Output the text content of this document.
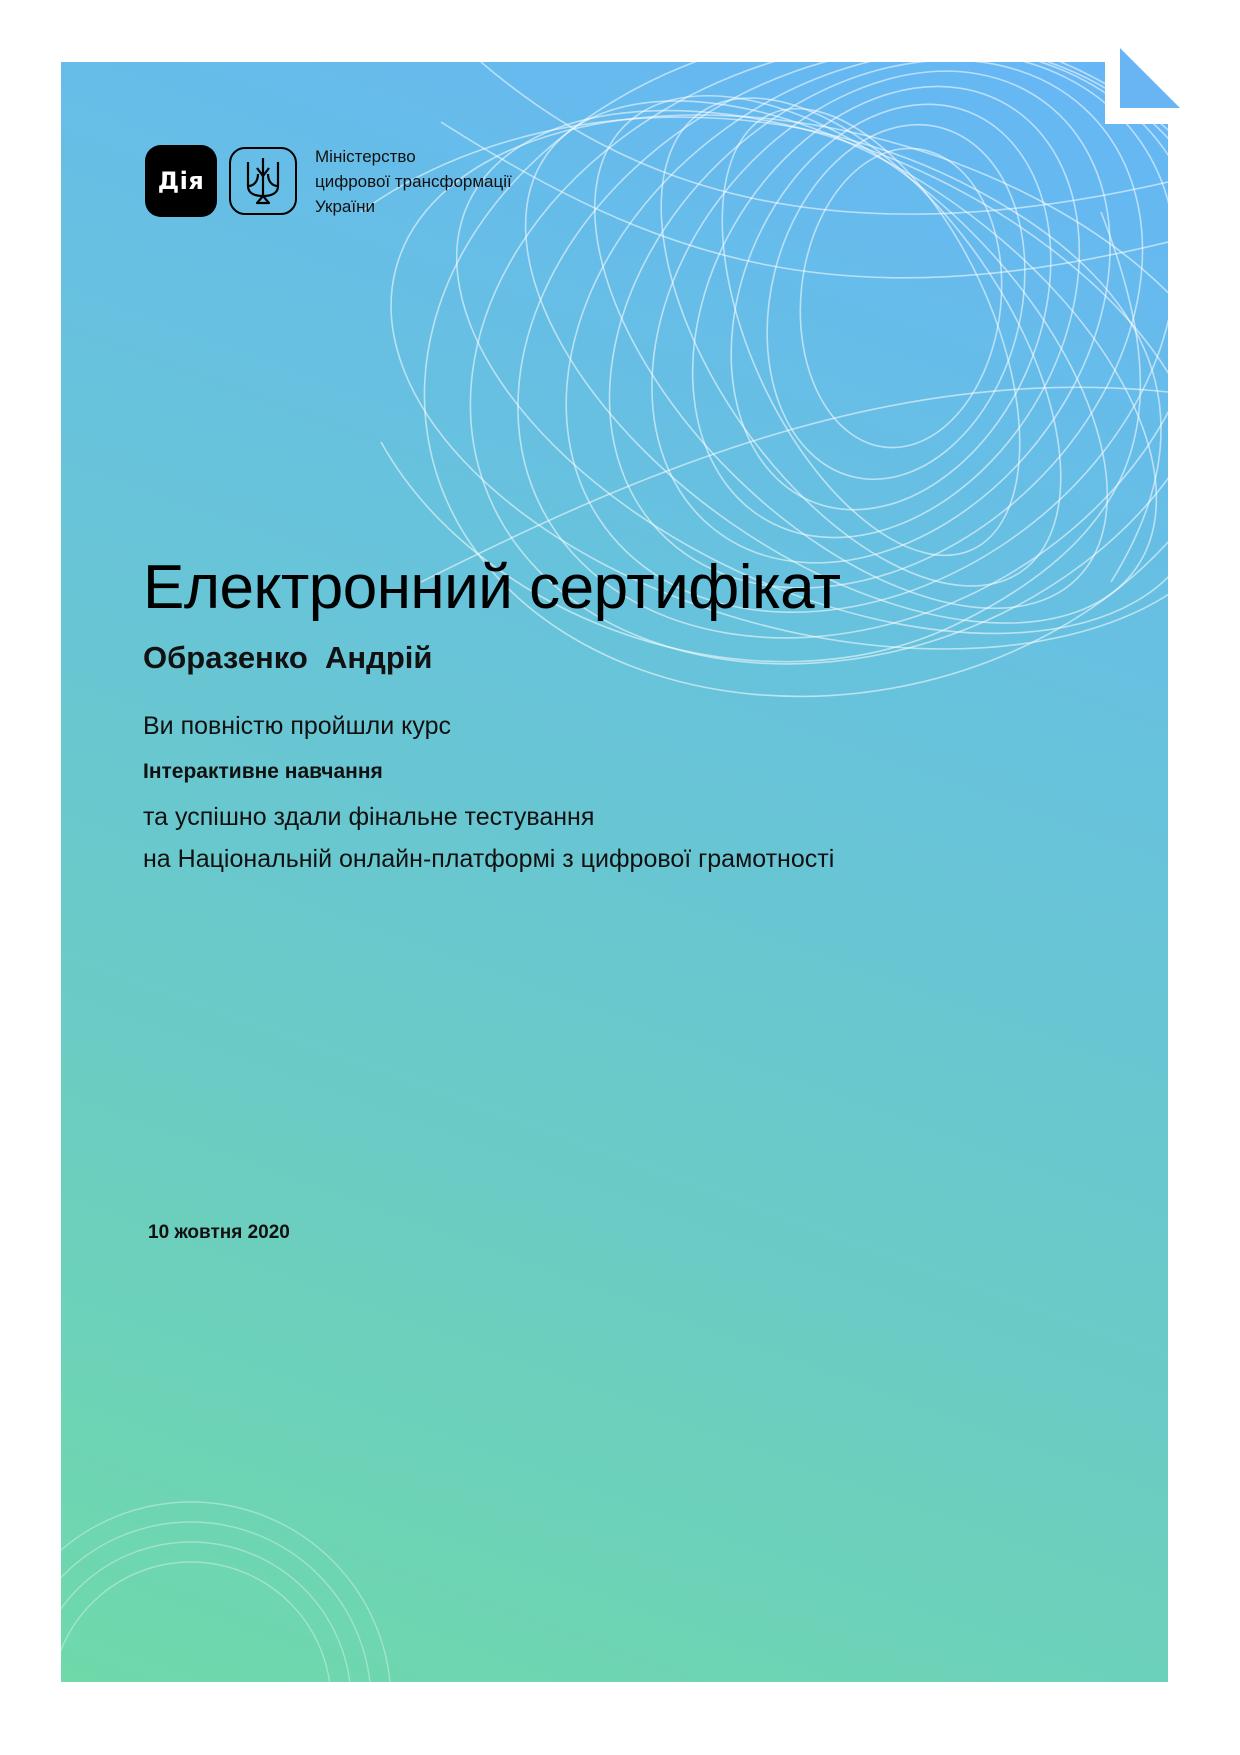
Дія
Міністерство
цифрової трансформації
України
Електронний сертифікат
Образенко  Андрій
Ви повністю пройшли курс
Інтерактивне навчання
та успішно здали фінальне тестування
на Національній онлайн-платформі з цифрової грамотності
10 жовтня 2020
